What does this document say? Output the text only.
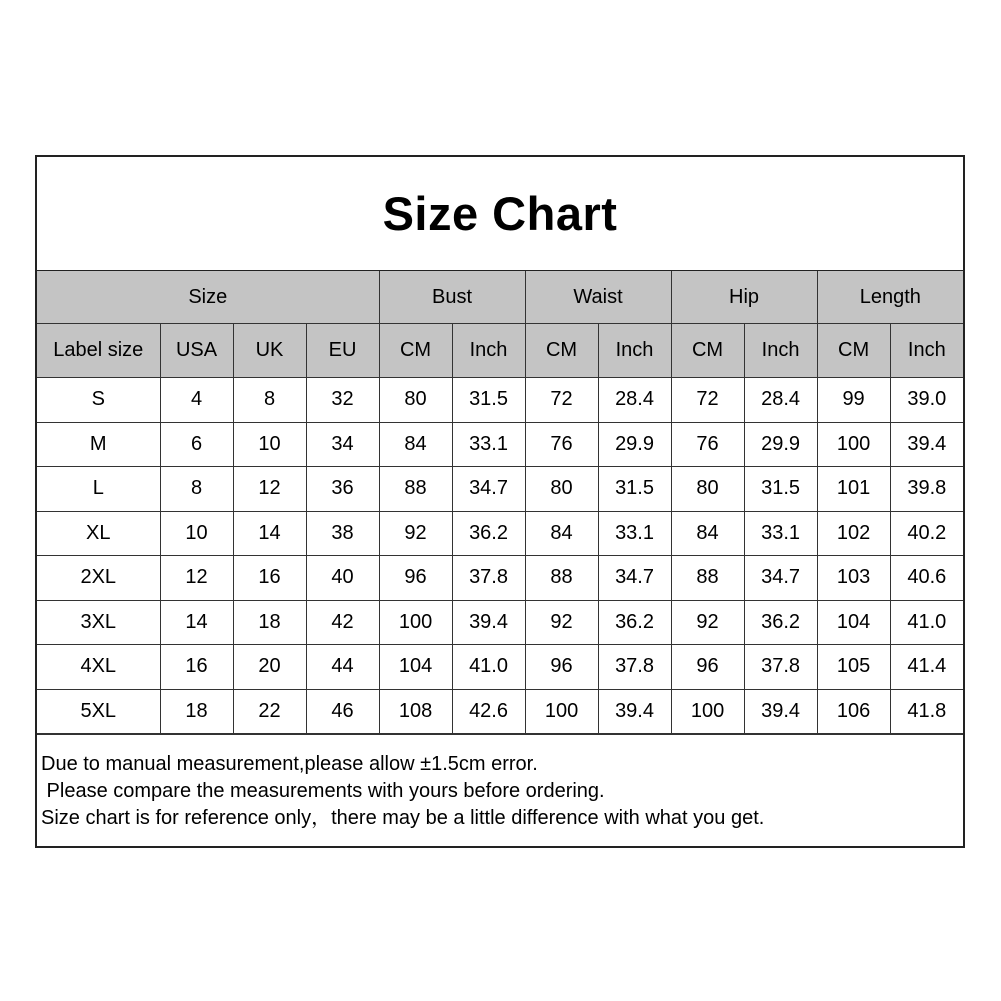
Size Chart
Size				Bust		Waist		Hip		Length	
Label size	USA	UK	EU	CM	Inch	CM	Inch	CM	Inch	CM	Inch
S	4	8	32	80	31.5	72	28.4	72	28.4	99	39.0
M	6	10	34	84	33.1	76	29.9	76	29.9	100	39.4
L	8	12	36	88	34.7	80	31.5	80	31.5	101	39.8
XL	10	14	38	92	36.2	84	33.1	84	33.1	102	40.2
2XL	12	16	40	96	37.8	88	34.7	88	34.7	103	40.6
3XL	14	18	42	100	39.4	92	36.2	92	36.2	104	41.0
4XL	16	20	44	104	41.0	96	37.8	96	37.8	105	41.4
5XL	18	22	46	108	42.6	100	39.4	100	39.4	106	41.8
Due to manual measurement,please allow ±1.5cm error.
Please compare the measurements with yours before ordering.
Size chart is for reference only，there may be a little difference with what you get.
